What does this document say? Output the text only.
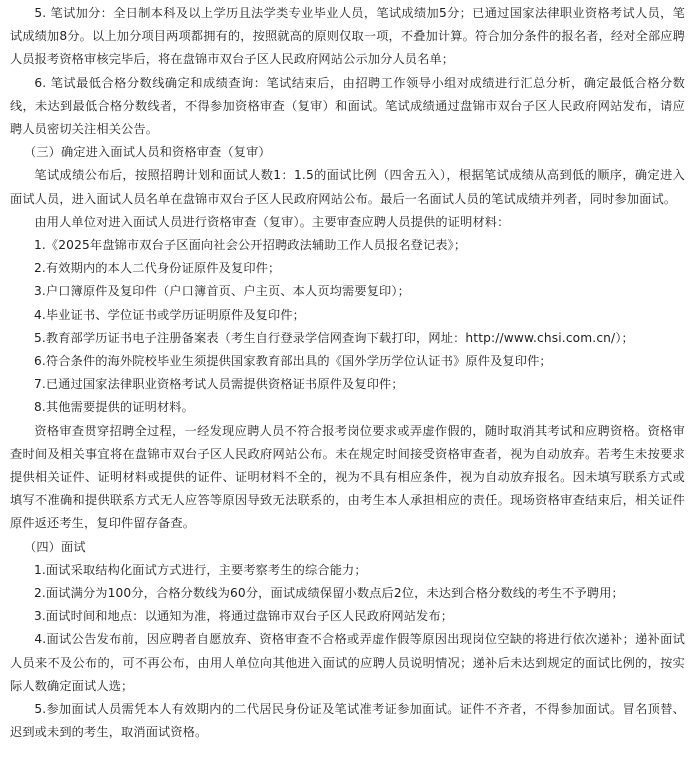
5. 笔试加分：全日制本科及以上学历且法学类专业毕业人员，笔试成绩加5分；已通过国家法律职业资格考试人员，笔试成绩加8分。以上加分项目两项都拥有的，按照就高的原则仅取一项，不叠加计算。符合加分条件的报名者，经对全部应聘人员报考资格审核完毕后，将在盘锦市双台子区人民政府网站公示加分人员名单；

6. 笔试最低合格分数线确定和成绩查询：笔试结束后，由招聘工作领导小组对成绩进行汇总分析，确定最低合格分数线，未达到最低合格分数线者，不得参加资格审查（复审）和面试。笔试成绩通过盘锦市双台子区人民政府网站发布，请应聘人员密切关注相关公告。

（三）确定进入面试人员和资格审查（复审）

笔试成绩公布后，按照招聘计划和面试人数1：1.5的面试比例（四舍五入），根据笔试成绩从高到低的顺序，确定进入面试人员，进入面试人员名单在盘锦市双台子区人民政府网站公布。最后一名面试人员的笔试成绩并列者，同时参加面试。

由用人单位对进入面试人员进行资格审查（复审）。主要审查应聘人员提供的证明材料：

1.《2025年盘锦市双台子区面向社会公开招聘政法辅助工作人员报名登记表》；

2.有效期内的本人二代身份证原件及复印件；

3.户口簿原件及复印件（户口簿首页、户主页、本人页均需要复印）；

4.毕业证书、学位证书或学历证明原件及复印件；

5.教育部学历证书电子注册备案表（考生自行登录学信网查询下载打印，网址：http://www.chsi.com.cn/）；

6.符合条件的海外院校毕业生须提供国家教育部出具的《国外学历学位认证书》原件及复印件；

7.已通过国家法律职业资格考试人员需提供资格证书原件及复印件；

8.其他需要提供的证明材料。

资格审查贯穿招聘全过程，一经发现应聘人员不符合报考岗位要求或弄虚作假的，随时取消其考试和应聘资格。资格审查时间及相关事宜将在盘锦市双台子区人民政府网站公布。未在规定时间接受资格审查者，视为自动放弃。若考生未按要求提供相关证件、证明材料或提供的证件、证明材料不全的，视为不具有相应条件，视为自动放弃报名。因未填写联系方式或填写不准确和提供联系方式无人应答等原因导致无法联系的，由考生本人承担相应的责任。现场资格审查结束后，相关证件原件返还考生，复印件留存备查。

（四）面试

1.面试采取结构化面试方式进行，主要考察考生的综合能力；

2.面试满分为100分，合格分数线为60分，面试成绩保留小数点后2位，未达到合格分数线的考生不予聘用；

3.面试时间和地点：以通知为准，将通过盘锦市双台子区人民政府网站发布；

4.面试公告发布前，因应聘者自愿放弃、资格审查不合格或弄虚作假等原因出现岗位空缺的将进行依次递补；递补面试人员来不及公布的，可不再公布，由用人单位向其他进入面试的应聘人员说明情况；递补后未达到规定的面试比例的，按实际人数确定面试人选；

5.参加面试人员需凭本人有效期内的二代居民身份证及笔试准考证参加面试。证件不齐者，不得参加面试。冒名顶替、迟到或未到的考生，取消面试资格。
